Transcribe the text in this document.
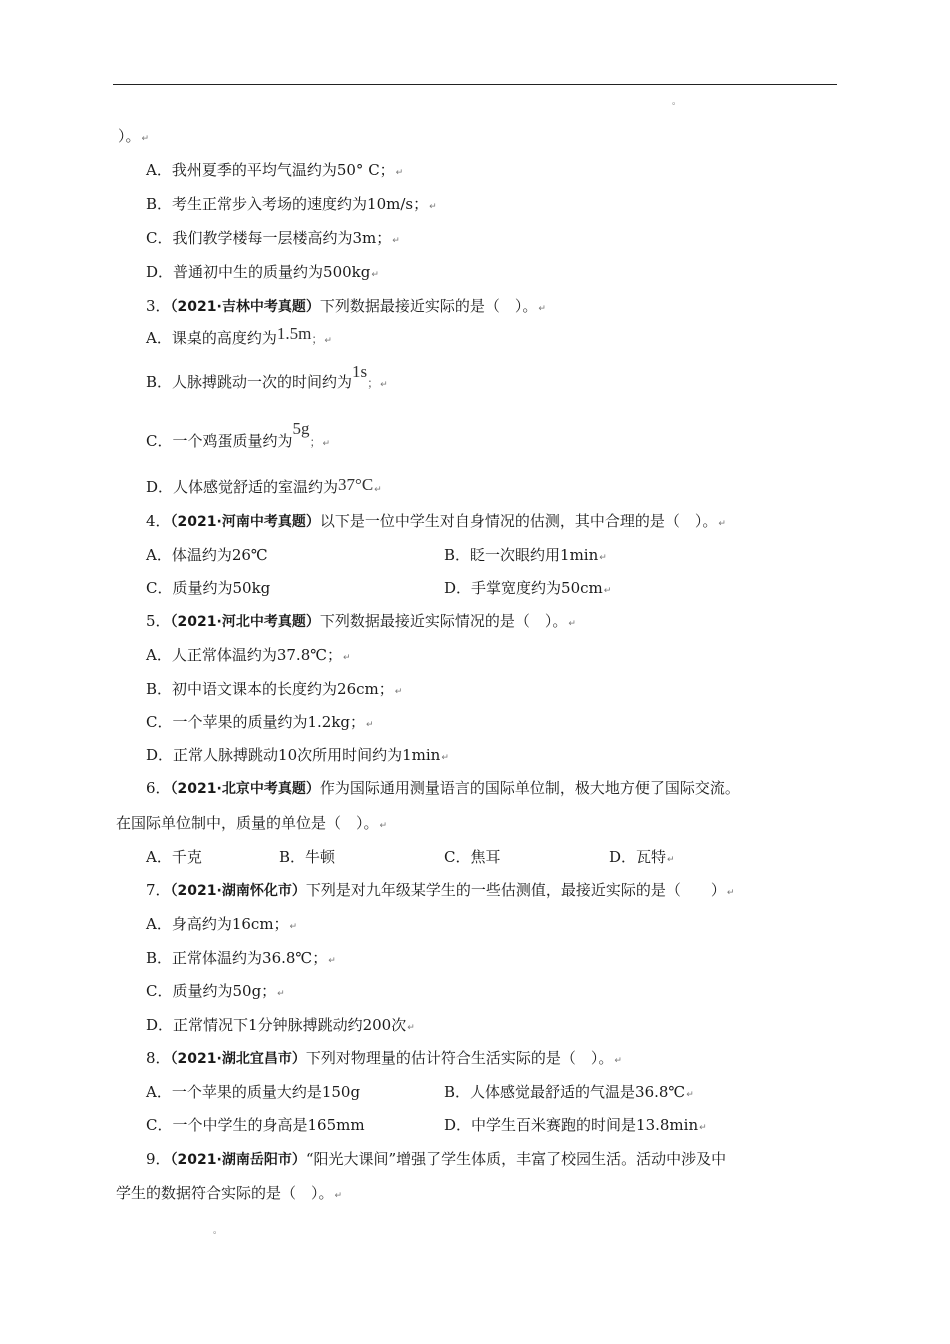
。
）。↵
A．我州夏季的平均气温约为50° C；↵
B．考生正常步入考场的速度约为10m/s；↵
C．我们教学楼每一层楼高约为3m；↵
D．普通初中生的质量约为500kg↵
3．（2021·吉林中考真题）下列数据最接近实际的是（　）。↵
A．课桌的高度约为1.5m；↵
B．人脉搏跳动一次的时间约为1s；↵
C．一个鸡蛋质量约为5g；↵
D．人体感觉舒适的室温约为37°C↵
4．（2021·河南中考真题）以下是一位中学生对自身情况的估测，其中合理的是（　）。↵
A．体温约为26℃	B．眨一次眼约用1min↵
C．质量约为50kg	D．手掌宽度约为50cm↵
5．（2021·河北中考真题）下列数据最接近实际情况的是（　）。↵
A．人正常体温约为37.8℃；↵
B．初中语文课本的长度约为26cm；↵
C．一个苹果的质量约为1.2kg；↵
D．正常人脉搏跳动10次所用时间约为1min↵
6．（2021·北京中考真题）作为国际通用测量语言的国际单位制，极大地方便了国际交流。
在国际单位制中，质量的单位是（　）。↵
A．千克	B．牛顿	C．焦耳	D．瓦特↵
7．（2021·湖南怀化市）下列是对九年级某学生的一些估测值，最接近实际的是（　　）↵
A．身高约为16cm；↵
B．正常体温约为36.8℃；↵
C．质量约为50g；↵
D．正常情况下1分钟脉搏跳动约200次↵
8．（2021·湖北宜昌市）下列对物理量的估计符合生活实际的是（　）。↵
A．一个苹果的质量大约是150g	B．人体感觉最舒适的气温是36.8℃↵
C．一个中学生的身高是165mm	D．中学生百米赛跑的时间是13.8min↵
9．（2021·湖南岳阳市）“阳光大课间”增强了学生体质，丰富了校园生活。活动中涉及中
学生的数据符合实际的是（　）。↵
。
